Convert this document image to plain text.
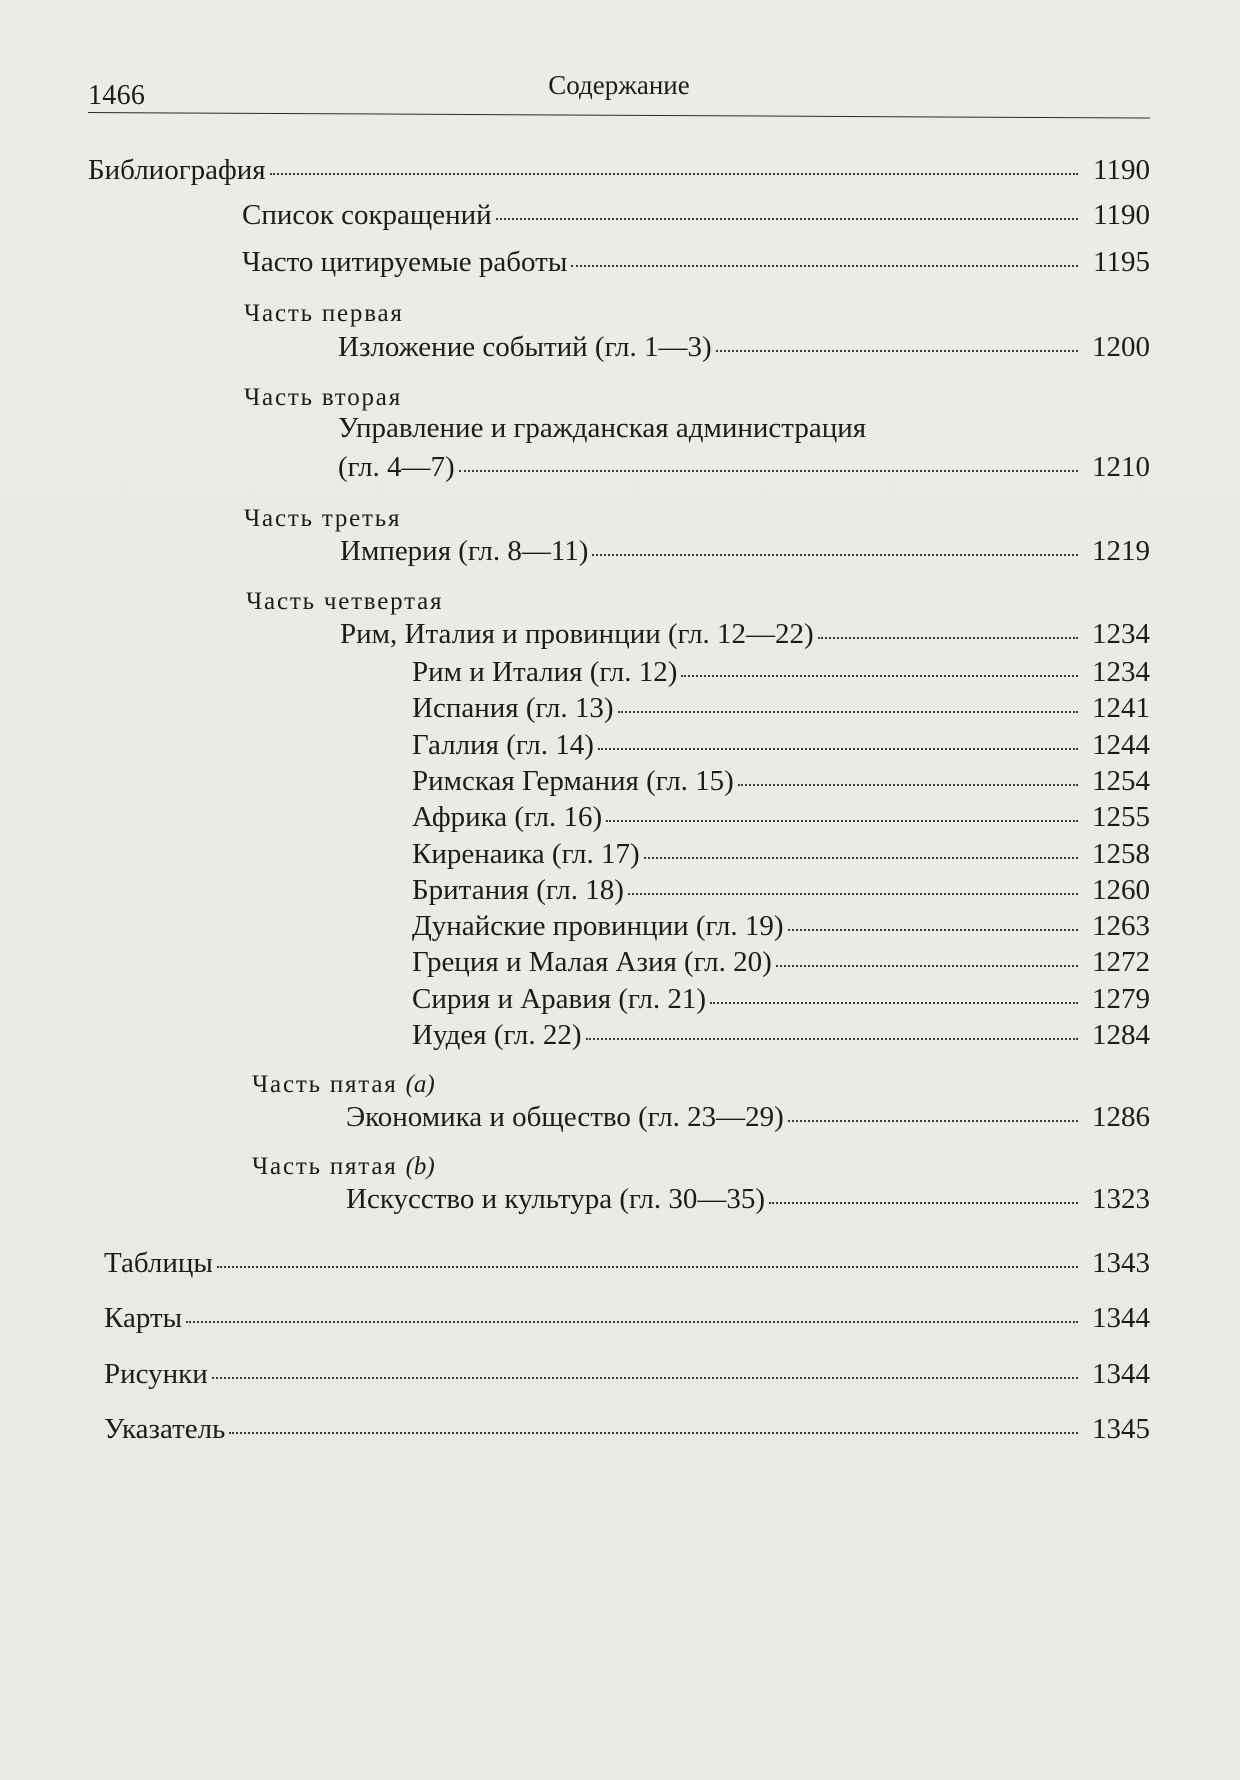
1466	Содержание
Библиография	1190
Список сокращений	1190
Часто цитируемые работы	1195
Часть первая
Изложение событий (гл. 1—3)	1200
Часть вторая
Управление и гражданская администрация
(гл. 4—7)	1210
Часть третья
Империя (гл. 8—11)	1219
Часть четвертая
Рим, Италия и провинции (гл. 12—22)	1234
Рим и Италия (гл. 12)	1234
Испания (гл. 13)	1241
Галлия (гл. 14)	1244
Римская Германия (гл. 15)	1254
Африка (гл. 16)	1255
Киренаика (гл. 17)	1258
Британия (гл. 18)	1260
Дунайские провинции (гл. 19)	1263
Греция и Малая Азия (гл. 20)	1272
Сирия и Аравия (гл. 21)	1279
Иудея (гл. 22)	1284
Часть пятая (a)
Экономика и общество (гл. 23—29)	1286
Часть пятая (b)
Искусство и культура (гл. 30—35)	1323
Таблицы	1343
Карты	1344
Рисунки	1344
Указатель	1345
